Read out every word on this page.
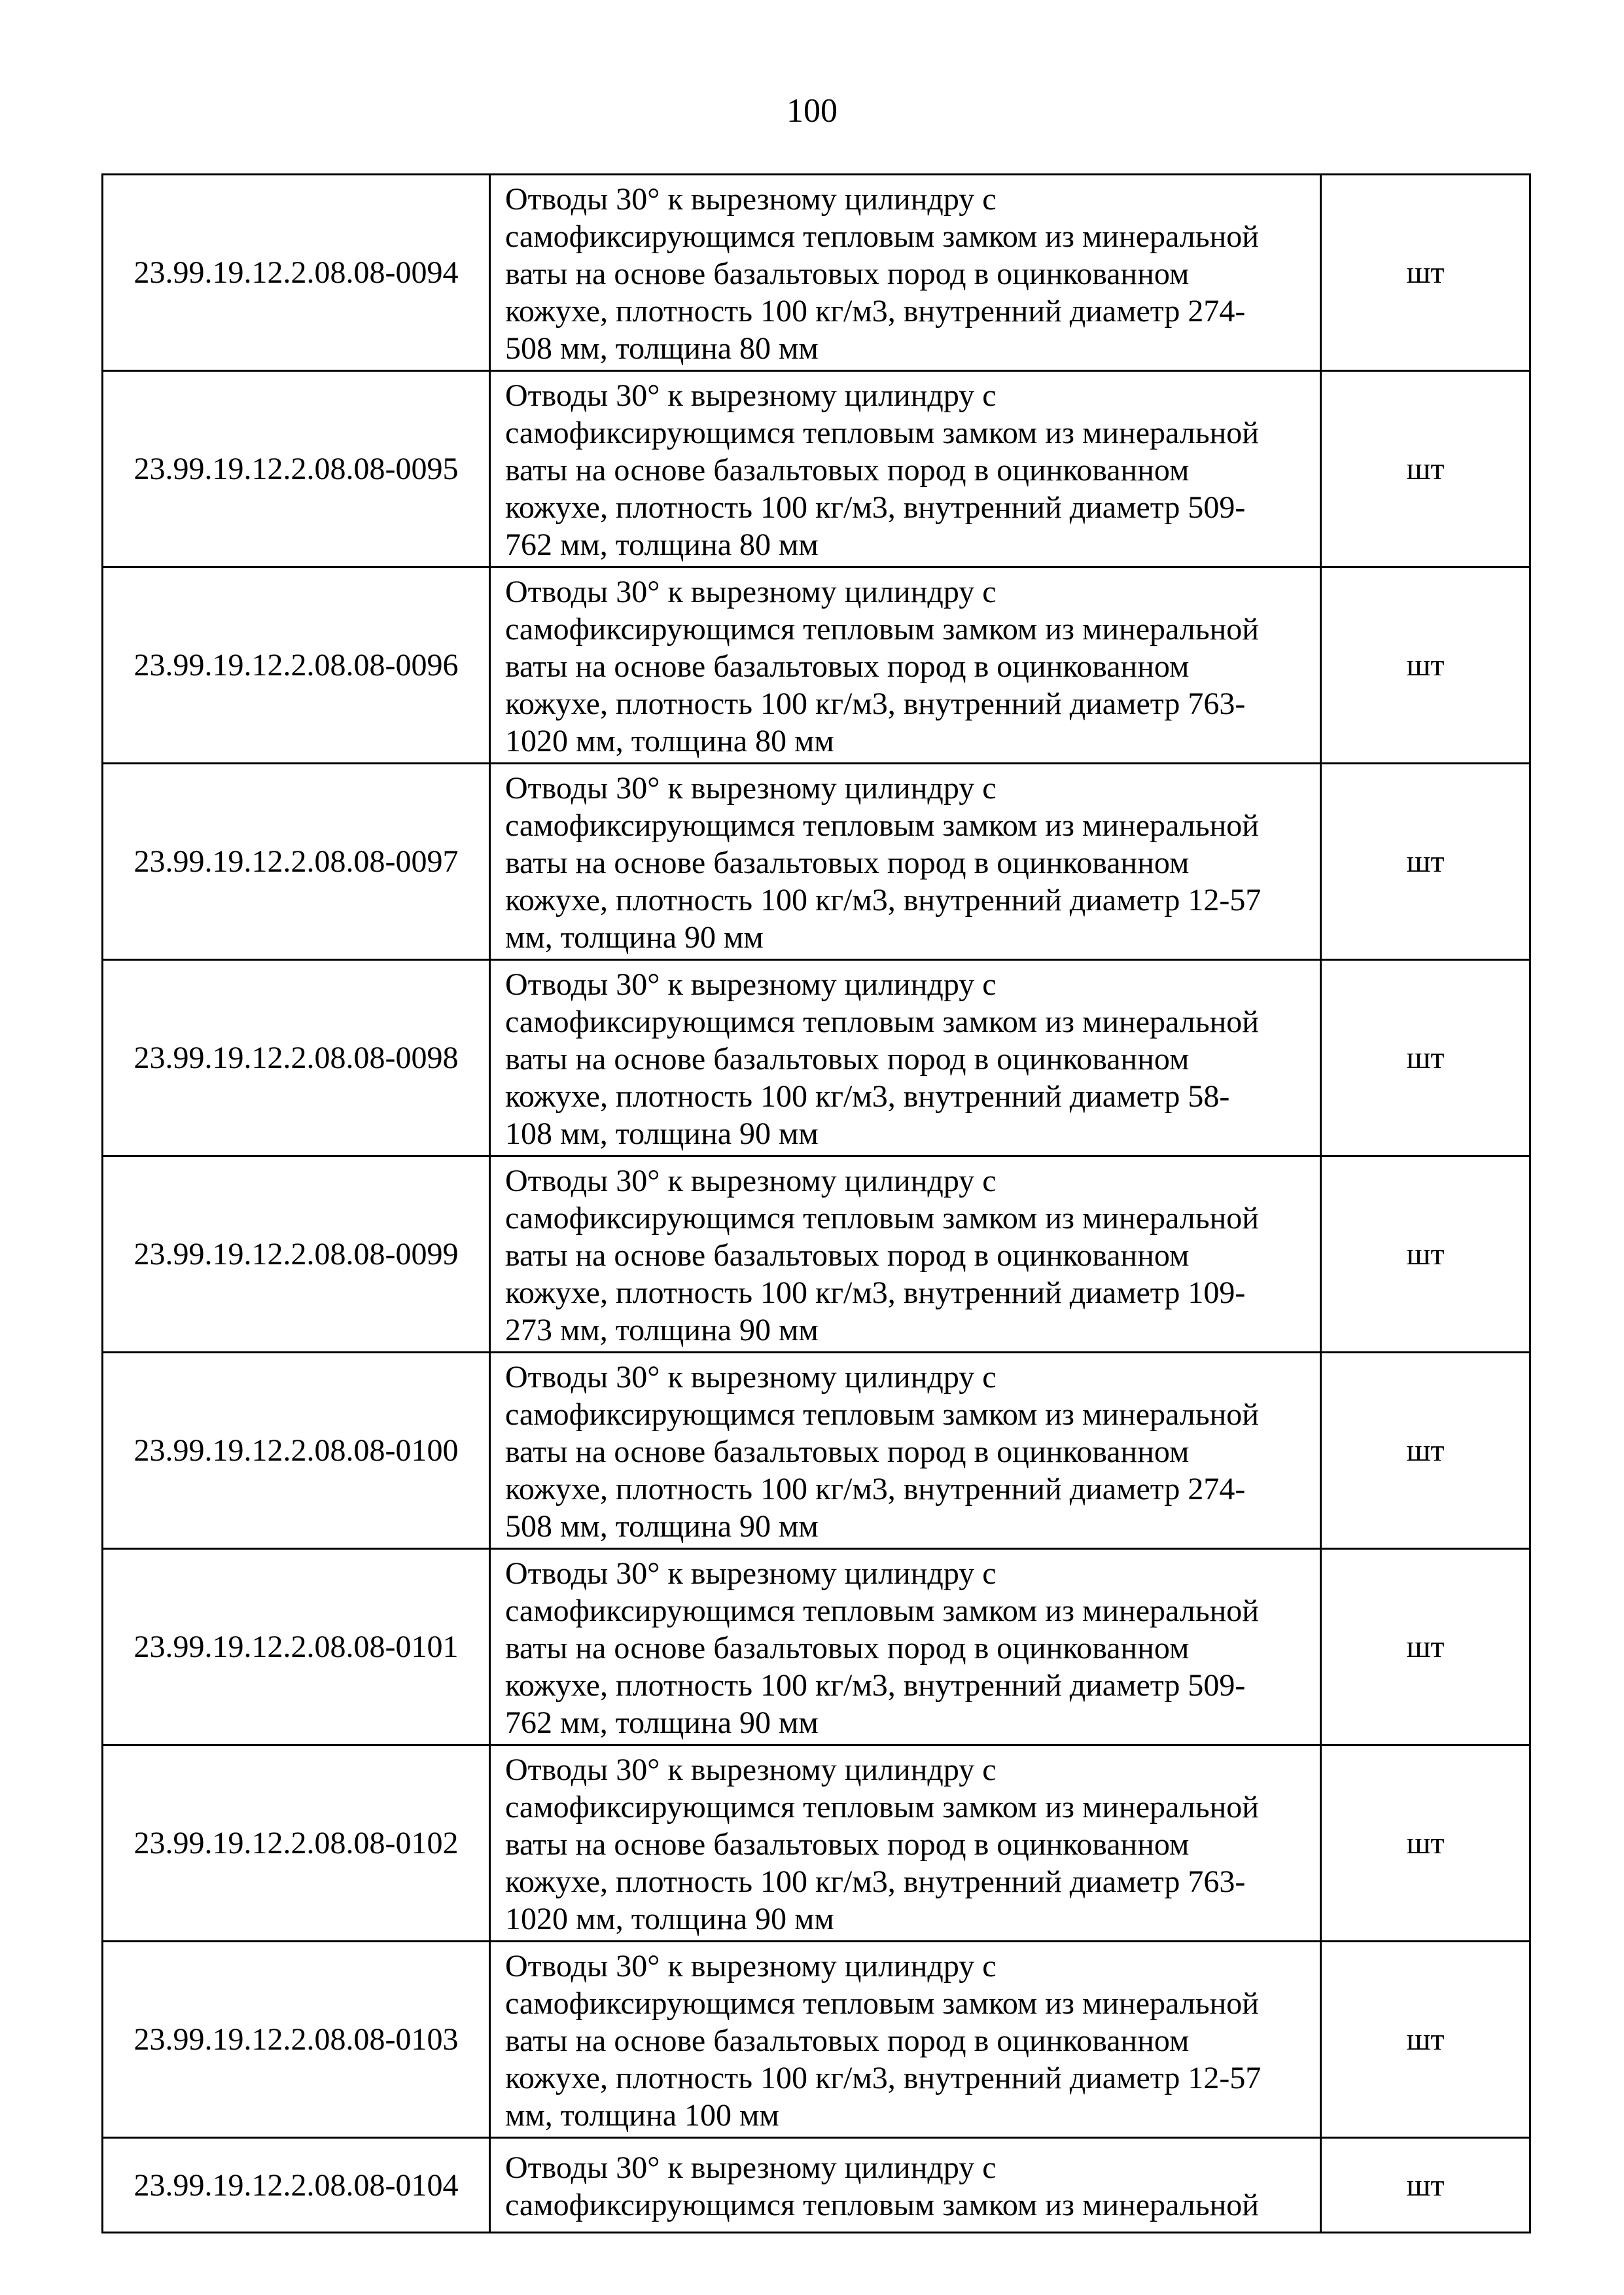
100
23.99.19.12.2.08.08-0094	Отводы 30° к вырезному цилиндру с
самофиксирующимся тепловым замком из минеральной
ваты на основе базальтовых пород в оцинкованном
кожухе, плотность 100 кг/м3, внутренний диаметр 274-
508 мм, толщина 80 мм	шт
23.99.19.12.2.08.08-0095	Отводы 30° к вырезному цилиндру с
самофиксирующимся тепловым замком из минеральной
ваты на основе базальтовых пород в оцинкованном
кожухе, плотность 100 кг/м3, внутренний диаметр 509-
762 мм, толщина 80 мм	шт
23.99.19.12.2.08.08-0096	Отводы 30° к вырезному цилиндру с
самофиксирующимся тепловым замком из минеральной
ваты на основе базальтовых пород в оцинкованном
кожухе, плотность 100 кг/м3, внутренний диаметр 763-
1020 мм, толщина 80 мм	шт
23.99.19.12.2.08.08-0097	Отводы 30° к вырезному цилиндру с
самофиксирующимся тепловым замком из минеральной
ваты на основе базальтовых пород в оцинкованном
кожухе, плотность 100 кг/м3, внутренний диаметр 12-57
мм, толщина 90 мм	шт
23.99.19.12.2.08.08-0098	Отводы 30° к вырезному цилиндру с
самофиксирующимся тепловым замком из минеральной
ваты на основе базальтовых пород в оцинкованном
кожухе, плотность 100 кг/м3, внутренний диаметр 58-
108 мм, толщина 90 мм	шт
23.99.19.12.2.08.08-0099	Отводы 30° к вырезному цилиндру с
самофиксирующимся тепловым замком из минеральной
ваты на основе базальтовых пород в оцинкованном
кожухе, плотность 100 кг/м3, внутренний диаметр 109-
273 мм, толщина 90 мм	шт
23.99.19.12.2.08.08-0100	Отводы 30° к вырезному цилиндру с
самофиксирующимся тепловым замком из минеральной
ваты на основе базальтовых пород в оцинкованном
кожухе, плотность 100 кг/м3, внутренний диаметр 274-
508 мм, толщина 90 мм	шт
23.99.19.12.2.08.08-0101	Отводы 30° к вырезному цилиндру с
самофиксирующимся тепловым замком из минеральной
ваты на основе базальтовых пород в оцинкованном
кожухе, плотность 100 кг/м3, внутренний диаметр 509-
762 мм, толщина 90 мм	шт
23.99.19.12.2.08.08-0102	Отводы 30° к вырезному цилиндру с
самофиксирующимся тепловым замком из минеральной
ваты на основе базальтовых пород в оцинкованном
кожухе, плотность 100 кг/м3, внутренний диаметр 763-
1020 мм, толщина 90 мм	шт
23.99.19.12.2.08.08-0103	Отводы 30° к вырезному цилиндру с
самофиксирующимся тепловым замком из минеральной
ваты на основе базальтовых пород в оцинкованном
кожухе, плотность 100 кг/м3, внутренний диаметр 12-57
мм, толщина 100 мм	шт
23.99.19.12.2.08.08-0104	Отводы 30° к вырезному цилиндру с
самофиксирующимся тепловым замком из минеральной	шт
